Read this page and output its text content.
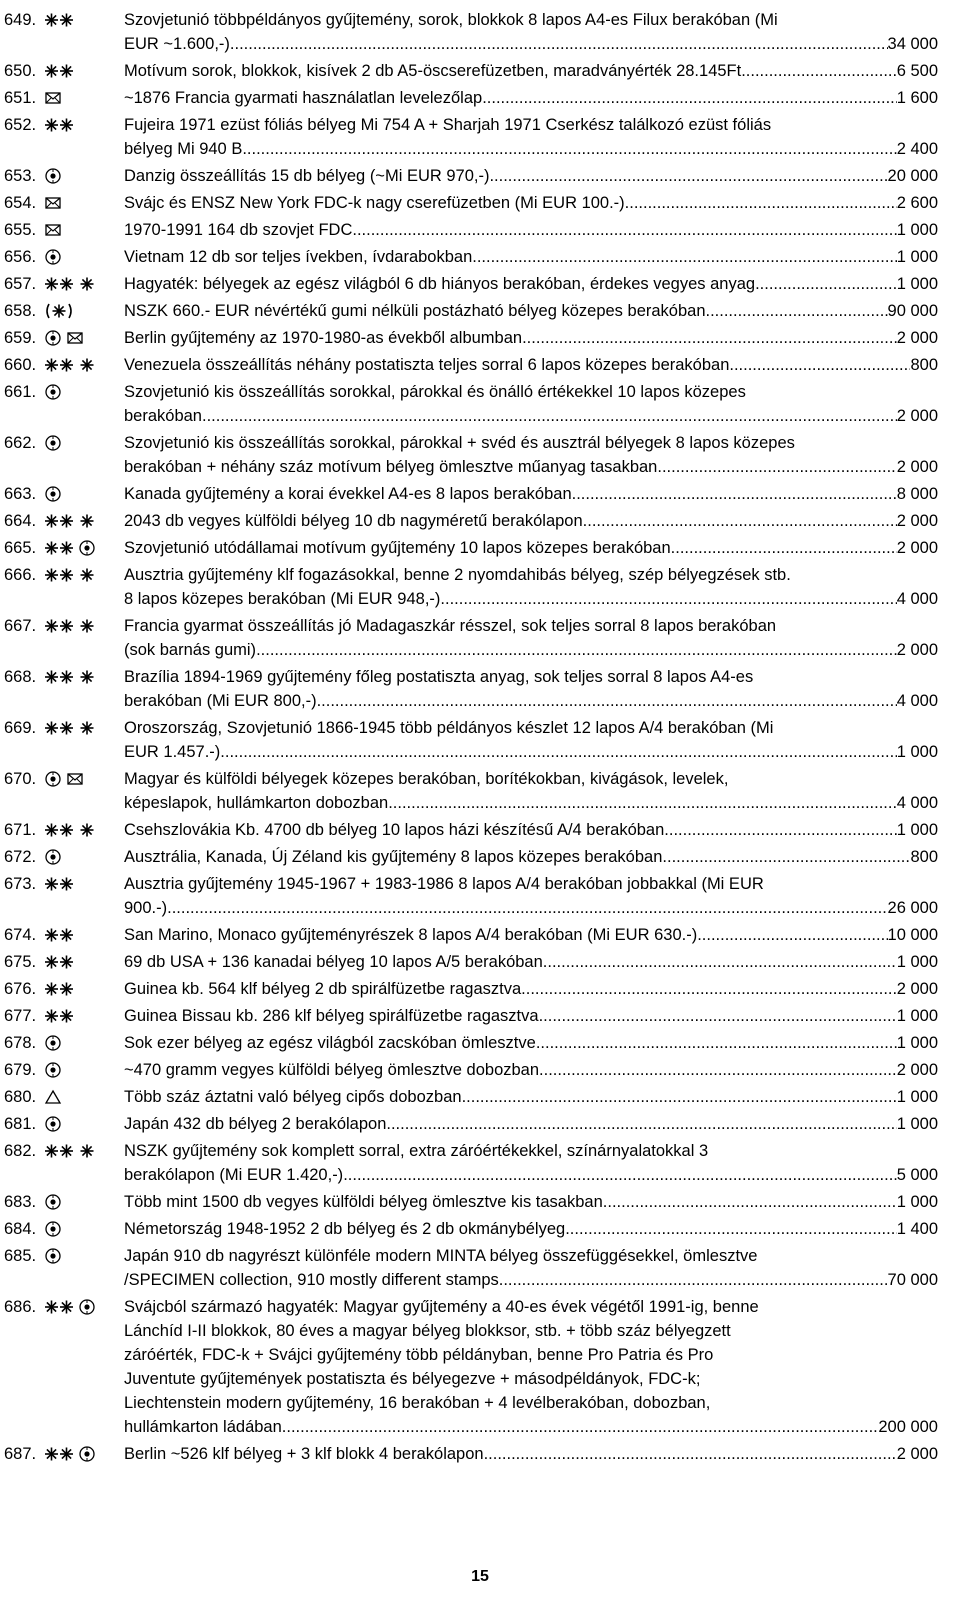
649.	Szovjetunió többpéldányos gyűjtemény, sorok, blokkok 8 lapos A4-es Filux berakóban (Mi
EUR ~1.600,-) .....	34 000
650.	Motívum sorok, blokkok, kisívek 2 db A5-öscserefüzetben, maradványérték 28.145Ft .....	6 500
651.	~1876 Francia gyarmati használatlan levelezőlap .....	1 600
652.	Fujeira 1971 ezüst fóliás bélyeg Mi 754 A + Sharjah 1971 Cserkész találkozó ezüst fóliás
bélyeg Mi 940 B .....	2 400
653.	Danzig összeállítás 15 db bélyeg (~Mi EUR 970,-) .....	20 000
654.	Svájc és ENSZ New York FDC-k nagy cserefüzetben (Mi EUR 100.-) .....	2 600
655.	1970-1991 164 db szovjet FDC .....	1 000
656.	Vietnam 12 db sor teljes ívekben, ívdarabokban .....	1 000
657.	Hagyaték: bélyegek az egész világból 6 db hiányos berakóban, érdekes vegyes anyag .....	1 000
658.	NSZK 660.- EUR névértékű gumi nélküli postázható bélyeg közepes berakóban .....	90 000
659.	Berlin gyűjtemény az 1970-1980-as évekből albumban .....	2 000
660.	Venezuela összeállítás néhány postatiszta teljes sorral 6 lapos közepes berakóban .....	800
661.	Szovjetunió kis összeállítás sorokkal, párokkal és önálló értékekkel 10 lapos közepes
berakóban .....	2 000
662.	Szovjetunió kis összeállítás sorokkal, párokkal + svéd és ausztrál bélyegek 8 lapos közepes
berakóban + néhány száz motívum bélyeg ömlesztve műanyag tasakban .....	2 000
663.	Kanada gyűjtemény a korai évekkel A4-es 8 lapos berakóban .....	8 000
664.	2043 db vegyes külföldi bélyeg 10 db nagyméretű berakólapon .....	2 000
665.	Szovjetunió utódállamai motívum gyűjtemény 10 lapos közepes berakóban .....	2 000
666.	Ausztria gyűjtemény klf fogazásokkal, benne 2 nyomdahibás bélyeg, szép bélyegzések stb.
8 lapos közepes berakóban (Mi EUR 948,-) .....	4 000
667.	Francia gyarmat összeállítás jó Madagaszkár résszel, sok teljes sorral 8 lapos berakóban
(sok barnás gumi) .....	2 000
668.	Brazília 1894-1969 gyűjtemény főleg postatiszta anyag, sok teljes sorral 8 lapos A4-es
berakóban (Mi EUR 800,-) .....	4 000
669.	Oroszország, Szovjetunió 1866-1945 több példányos készlet 12 lapos A/4 berakóban (Mi
EUR 1.457.-) .....	1 000
670.	Magyar és külföldi bélyegek közepes berakóban, borítékokban, kivágások, levelek,
képeslapok, hullámkarton dobozban .....	4 000
671.	Csehszlovákia Kb. 4700 db bélyeg 10 lapos házi készítésű A/4 berakóban .....	1 000
672.	Ausztrália, Kanada, Új Zéland kis gyűjtemény 8 lapos közepes berakóban .....	800
673.	Ausztria gyűjtemény 1945-1967 + 1983-1986 8 lapos A/4 berakóban jobbakkal (Mi EUR
900.-) .....	26 000
674.	San Marino, Monaco gyűjteményrészek 8 lapos A/4 berakóban (Mi EUR 630.-) .....	10 000
675.	69 db USA + 136 kanadai bélyeg 10 lapos A/5 berakóban .....	1 000
676.	Guinea kb. 564 klf bélyeg 2 db spirálfüzetbe ragasztva .....	2 000
677.	Guinea Bissau kb. 286 klf bélyeg spirálfüzetbe ragasztva .....	1 000
678.	Sok ezer bélyeg az egész világból zacskóban ömlesztve .....	1 000
679.	~470 gramm vegyes külföldi bélyeg ömlesztve dobozban .....	2 000
680.	Több száz áztatni való bélyeg cipős dobozban .....	1 000
681.	Japán 432 db bélyeg 2 berakólapon .....	1 000
682.	NSZK gyűjtemény sok komplett sorral, extra záróértékekkel, színárnyalatokkal 3
berakólapon (Mi EUR 1.420,-) .....	5 000
683.	Több mint 1500 db vegyes külföldi bélyeg ömlesztve kis tasakban .....	1 000
684.	Németország 1948-1952 2 db bélyeg és 2 db okmánybélyeg .....	1 400
685.	Japán 910 db nagyrészt különféle modern MINTA bélyeg összefüggésekkel, ömlesztve
/SPECIMEN collection, 910 mostly different stamps .....	70 000
686.	Svájcból származó hagyaték: Magyar gyűjtemény a 40-es évek végétől 1991-ig, benne
Lánchíd I-II blokkok, 80 éves a magyar bélyeg blokksor, stb. + több száz bélyegzett
záróérték, FDC-k + Svájci gyűjtemény több példányban, benne Pro Patria és Pro
Juventute gyűjtemények postatiszta és bélyegezve + másodpéldányok, FDC-k;
Liechtenstein modern gyűjtemény, 16 berakóban + 4 levélberakóban, dobozban,
hullámkarton ládában .....	200 000
687.	Berlin ~526 klf bélyeg + 3 klf blokk 4 berakólapon .....	2 000
15
